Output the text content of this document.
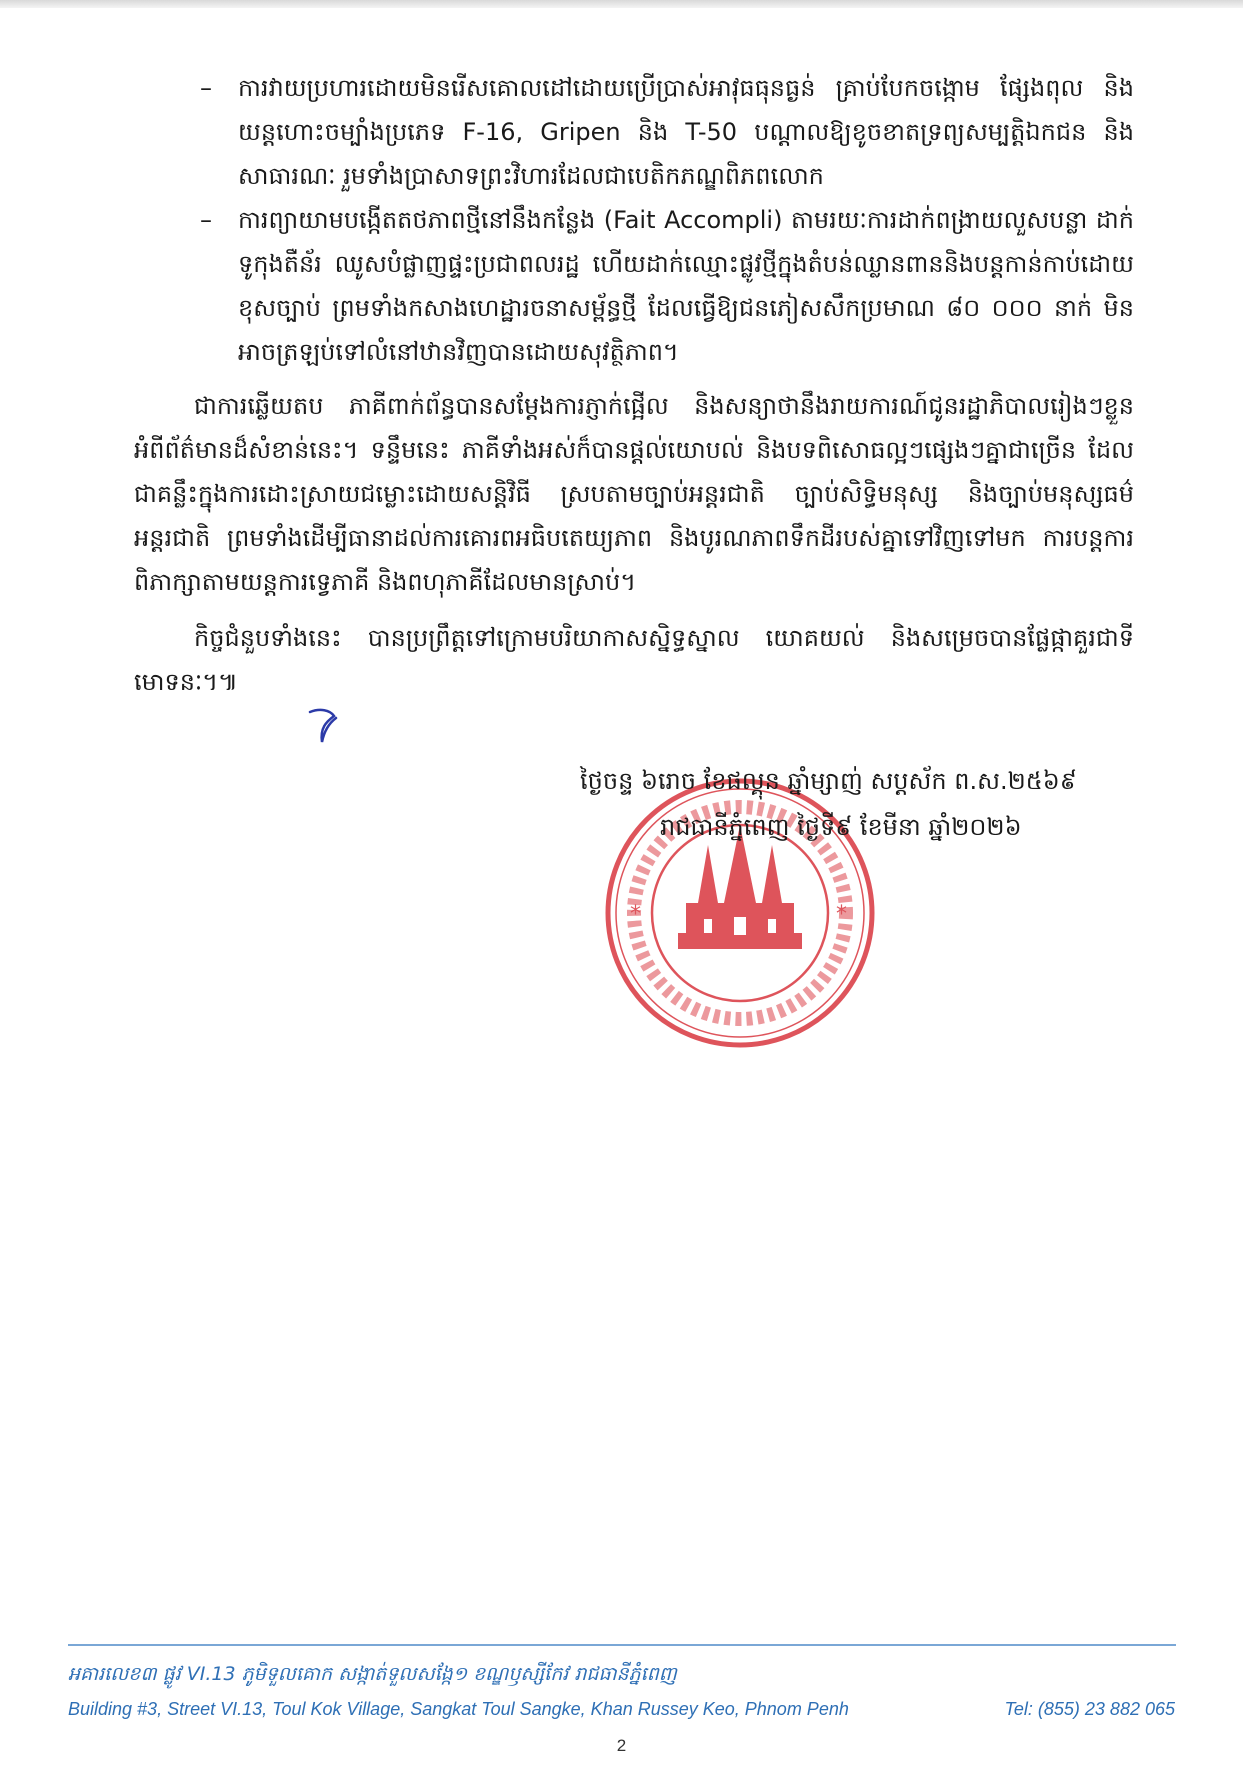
– ការវាយប្រហារដោយមិនរើសគោលដៅដោយប្រើប្រាស់អាវុធធុនធ្ងន់ គ្រាប់បែកចង្កោម ផ្សែងពុល និងយន្តហោះចម្បាំងប្រភេទ F-16, Gripen និង T-50 បណ្ដាលឱ្យខូចខាតទ្រព្យសម្បត្តិឯកជន និងសាធារណៈ រួមទាំងប្រាសាទព្រះវិហារដែលជាបេតិកភណ្ឌពិភពលោក

– ការព្យាយាមបង្កើតតថភាពថ្មីនៅនឹងកន្លែង (Fait Accompli) តាមរយៈការដាក់ពង្រាយលួសបន្លា ដាក់ទូកុងតឺន័រ ឈូសបំផ្លាញផ្ទះប្រជាពលរដ្ឋ ហើយដាក់ឈ្មោះផ្លូវថ្មីក្នុងតំបន់ឈ្លានពាននិងបន្តកាន់កាប់ដោយខុសច្បាប់ ព្រមទាំងកសាងហេដ្ឋារចនាសម្ព័ន្ធថ្មី ដែលធ្វើឱ្យជនភៀសសឹកប្រមាណ ៨០ ០០០ នាក់ មិនអាចត្រឡប់ទៅលំនៅឋានវិញបានដោយសុវត្ថិភាព។

ជាការឆ្លើយតប ភាគីពាក់ព័ន្ធបានសម្ដែងការភ្ញាក់ផ្អើល និងសន្យាថានឹងរាយការណ៍ជូនរដ្ឋាភិបាលរៀងៗខ្លួន អំពីព័ត៌មានដ៏សំខាន់នេះ។ ទន្ទឹមនេះ ភាគីទាំងអស់ក៏បានផ្ដល់យោបល់ និងបទពិសោធល្អៗផ្សេងៗគ្នាជាច្រើន ដែលជាគន្លឹះក្នុងការដោះស្រាយជម្លោះដោយសន្តិវិធី ស្របតាមច្បាប់អន្តរជាតិ ច្បាប់សិទ្ធិមនុស្ស និងច្បាប់មនុស្សធម៌អន្តរជាតិ ព្រមទាំងដើម្បីធានាដល់ការគោរពអធិបតេយ្យភាព និងបូរណភាពទឹកដីរបស់គ្នាទៅវិញទៅមក ការបន្តការពិភាក្សាតាមយន្តការទ្វេភាគី និងពហុភាគីដែលមានស្រាប់។

កិច្ចជំនួបទាំងនេះ បានប្រព្រឹត្តទៅក្រោមបរិយាកាសស្និទ្ធស្នាល យោគយល់ និងសម្រេចបានផ្លែផ្កាគួរជាទីមោទនៈ។៕

*	*

ថ្ងៃចន្ទ ៦រោច ខែផល្គុន ឆ្នាំម្សាញ់ សប្តស័ក ព.ស.២៥៦៩

រាជធានីភ្នំពេញ ថ្ងៃទី៩ ខែមីនា ឆ្នាំ២០២៦

អគារលេខ៣ ផ្លូវ VI.13 ភូមិទួលគោក សង្កាត់ទួលសង្កែ១ ខណ្ឌឫស្សីកែវ រាជធានីភ្នំពេញ
Building #3, Street VI.13, Toul Kok Village, Sangkat Toul Sangke, Khan Russey Keo, Phnom Penh	Tel: (855) 23 882 065
2
